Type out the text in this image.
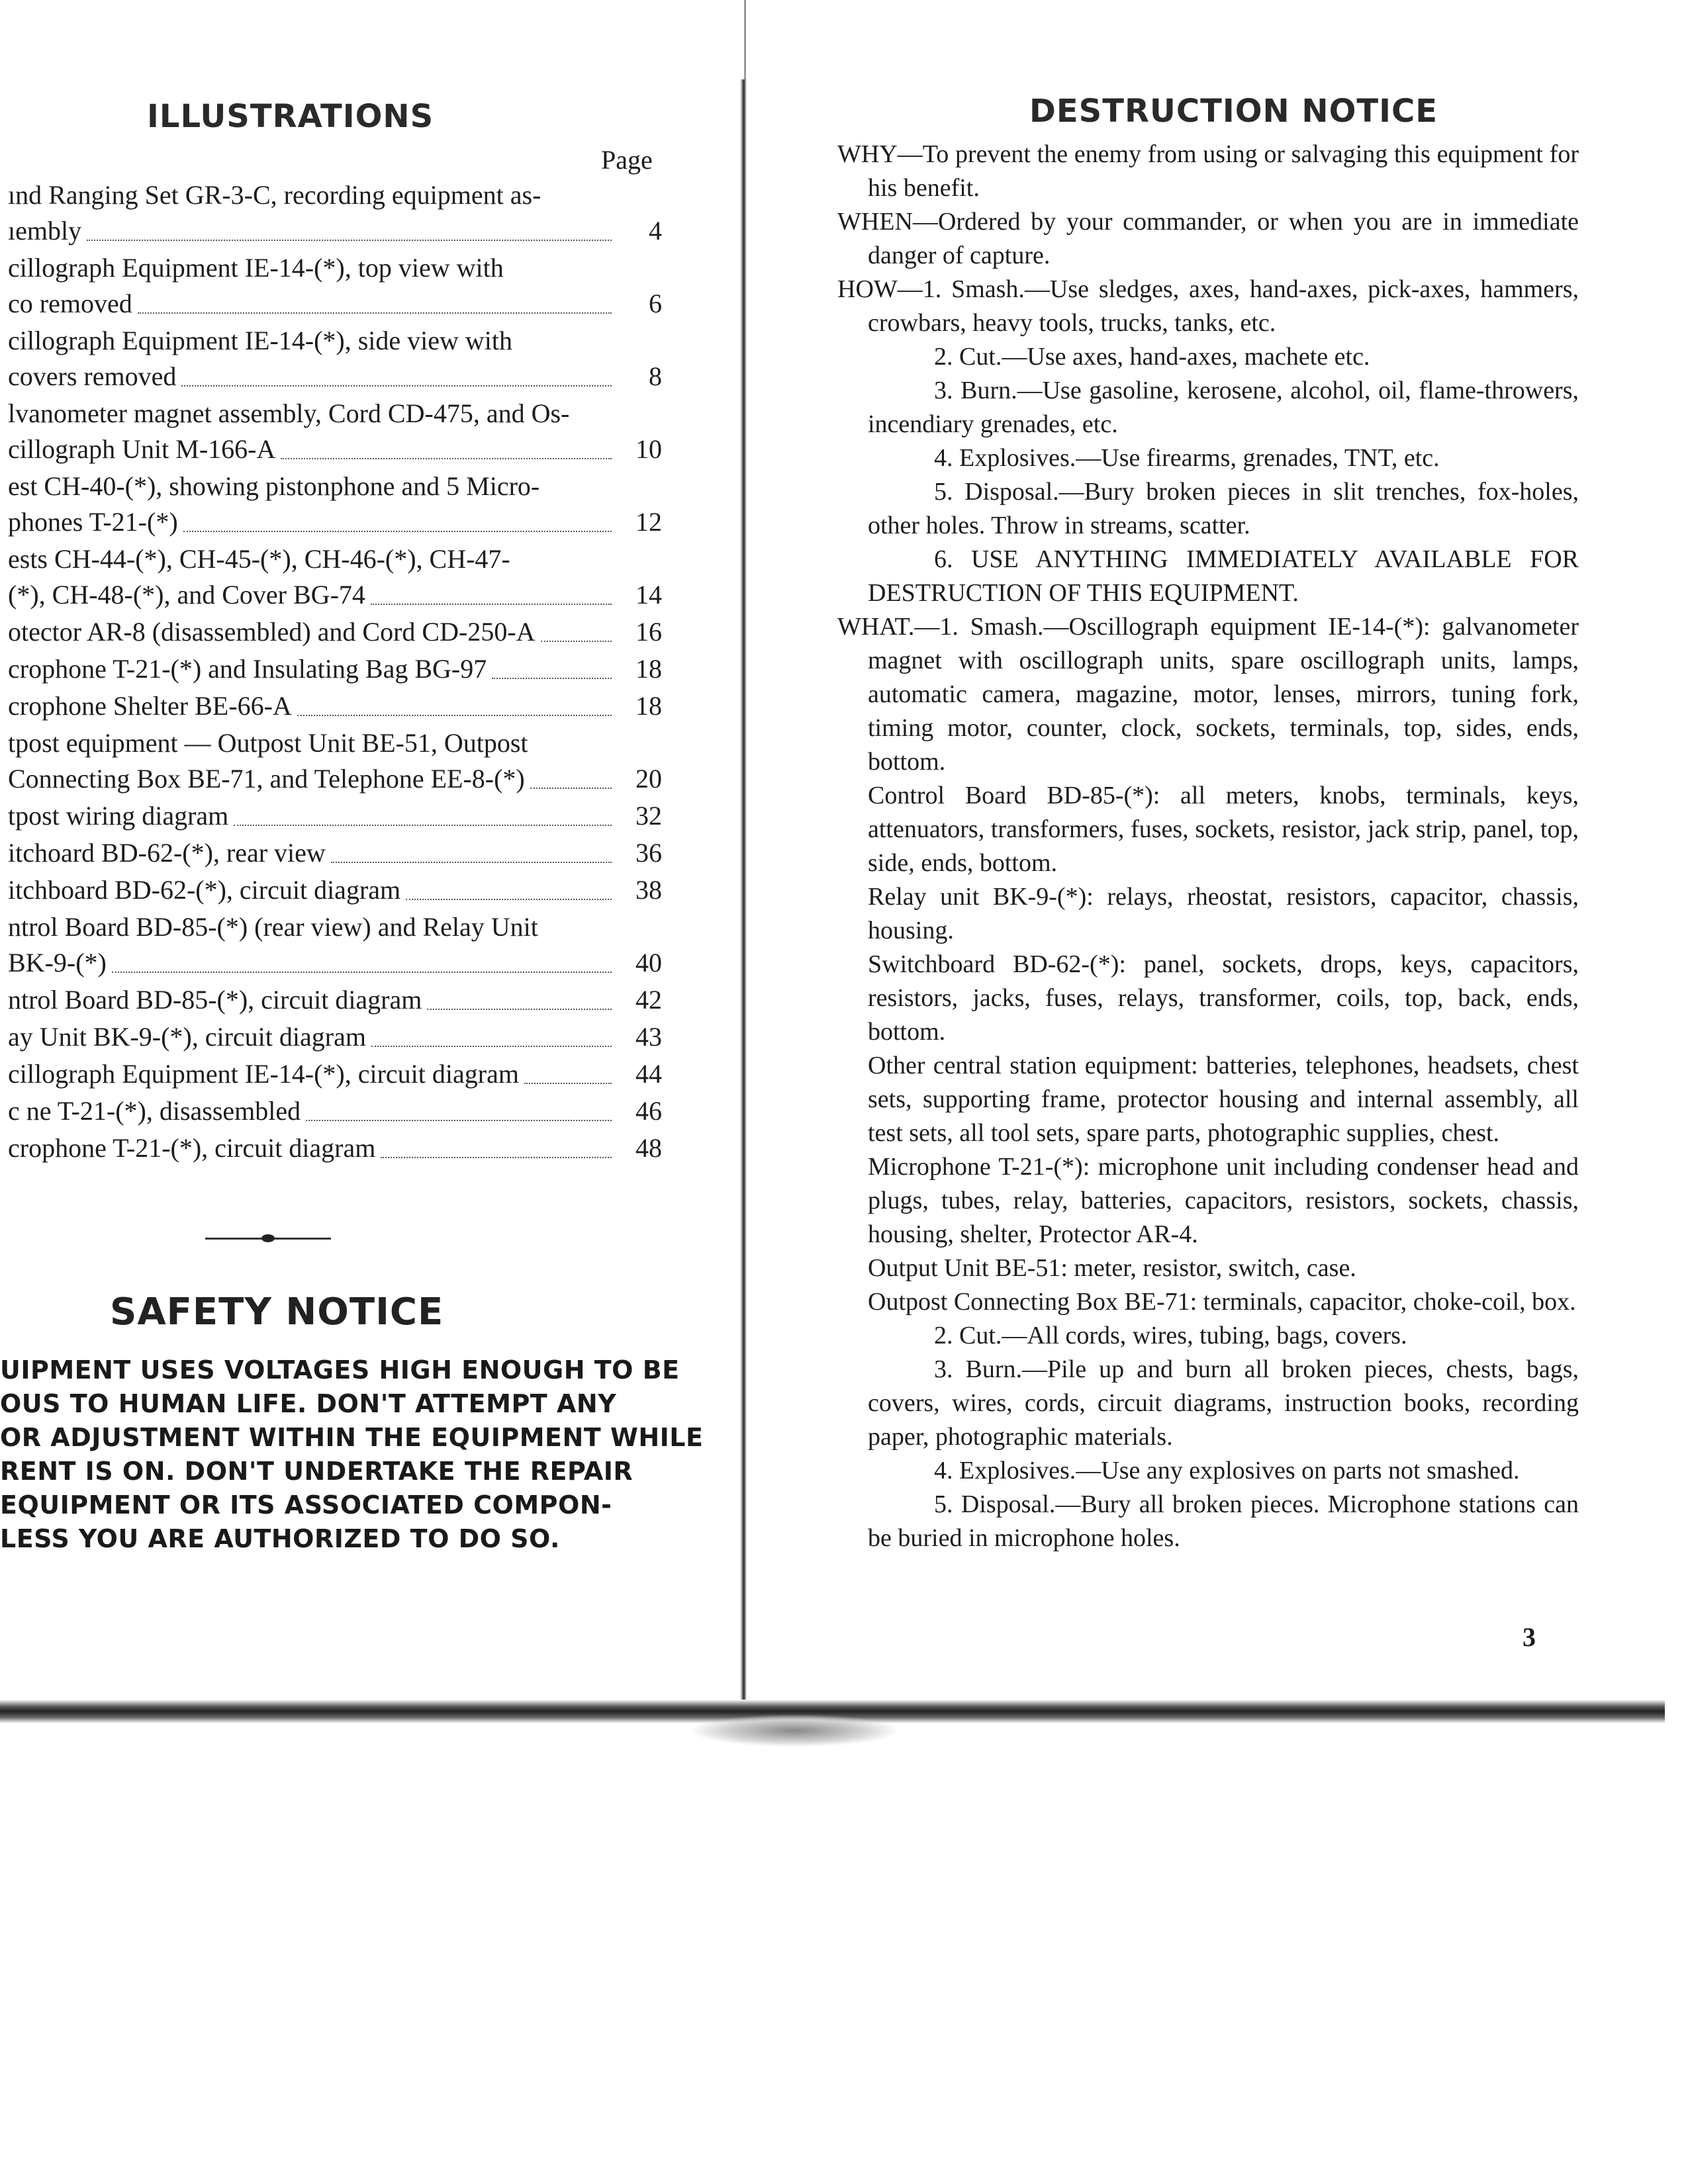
ILLUSTRATIONS
Page
ınd Ranging Set GR-3-C, recording equipment as-
ıembly	4
cillograph Equipment IE-14-(*), top view with
co removed	6
cillograph Equipment IE-14-(*), side view with
covers removed	8
lvanometer magnet assembly, Cord CD-475, and Os-
cillograph Unit M-166-A	10
est CH-40-(*), showing pistonphone and 5 Micro-
phones T-21-(*)	12
ests CH-44-(*), CH-45-(*), CH-46-(*), CH-47-
(*), CH-48-(*), and Cover BG-74	14
otector AR-8 (disassembled) and Cord CD-250-A	16
crophone T-21-(*) and Insulating Bag BG-97	18
crophone Shelter BE-66-A	18
tpost equipment — Outpost Unit BE-51, Outpost
Connecting Box BE-71, and Telephone EE-8-(*)	20
tpost wiring diagram	32
itchoard BD-62-(*), rear view	36
itchboard BD-62-(*), circuit diagram	38
ntrol Board BD-85-(*) (rear view) and Relay Unit
BK-9-(*)	40
ntrol Board BD-85-(*), circuit diagram	42
ay Unit BK-9-(*), circuit diagram	43
cillograph Equipment IE-14-(*), circuit diagram	44
c ne T-21-(*), disassembled	46
crophone T-21-(*), circuit diagram	48
SAFETY NOTICE
UIPMENT USES VOLTAGES HIGH ENOUGH TO BE
OUS TO HUMAN LIFE. DON'T ATTEMPT ANY
OR ADJUSTMENT WITHIN THE EQUIPMENT WHILE
RENT IS ON. DON'T UNDERTAKE THE REPAIR
EQUIPMENT OR ITS ASSOCIATED COMPON-
LESS YOU ARE AUTHORIZED TO DO SO.
DESTRUCTION NOTICE

WHY—To prevent the enemy from using or salvaging this equipment for his benefit.

WHEN—Ordered by your commander, or when you are in immediate danger of capture.

HOW—1. Smash.—Use sledges, axes, hand-axes, pick-axes, hammers, crowbars, heavy tools, trucks, tanks, etc.

2. Cut.—Use axes, hand-axes, machete etc.

3. Burn.—Use gasoline, kerosene, alcohol, oil, flame-throwers, incendiary grenades, etc.

4. Explosives.—Use firearms, grenades, TNT, etc.

5. Disposal.—Bury broken pieces in slit trenches, fox-holes, other holes. Throw in streams, scatter.

6. USE ANYTHING IMMEDIATELY AVAILABLE FOR DESTRUCTION OF THIS EQUIPMENT.

WHAT.—1. Smash.—Oscillograph equipment IE-14-(*): galvanometer magnet with oscillograph units, spare oscillograph units, lamps, automatic camera, magazine, motor, lenses, mirrors, tuning fork, timing motor, counter, clock, sockets, terminals, top, sides, ends, bottom.

Control Board BD-85-(*): all meters, knobs, terminals, keys, attenuators, transformers, fuses, sockets, resistor, jack strip, panel, top, side, ends, bottom.

Relay unit BK-9-(*): relays, rheostat, resistors, capacitor, chassis, housing.

Switchboard BD-62-(*): panel, sockets, drops, keys, capacitors, resistors, jacks, fuses, relays, transformer, coils, top, back, ends, bottom.

Other central station equipment: batteries, telephones, headsets, chest sets, supporting frame, protector housing and internal assembly, all test sets, all tool sets, spare parts, photographic supplies, chest.

Microphone T-21-(*): microphone unit including condenser head and plugs, tubes, relay, batteries, capacitors, resistors, sockets, chassis, housing, shelter, Protector AR-4.

Output Unit BE-51: meter, resistor, switch, case.

Outpost Connecting Box BE-71: terminals, capacitor, choke-coil, box.

2. Cut.—All cords, wires, tubing, bags, covers.

3. Burn.—Pile up and burn all broken pieces, chests, bags, covers, wires, cords, circuit diagrams, instruction books, recording paper, photographic materials.

4. Explosives.—Use any explosives on parts not smashed.

5. Disposal.—Bury all broken pieces. Microphone stations can be buried in microphone holes.

3
